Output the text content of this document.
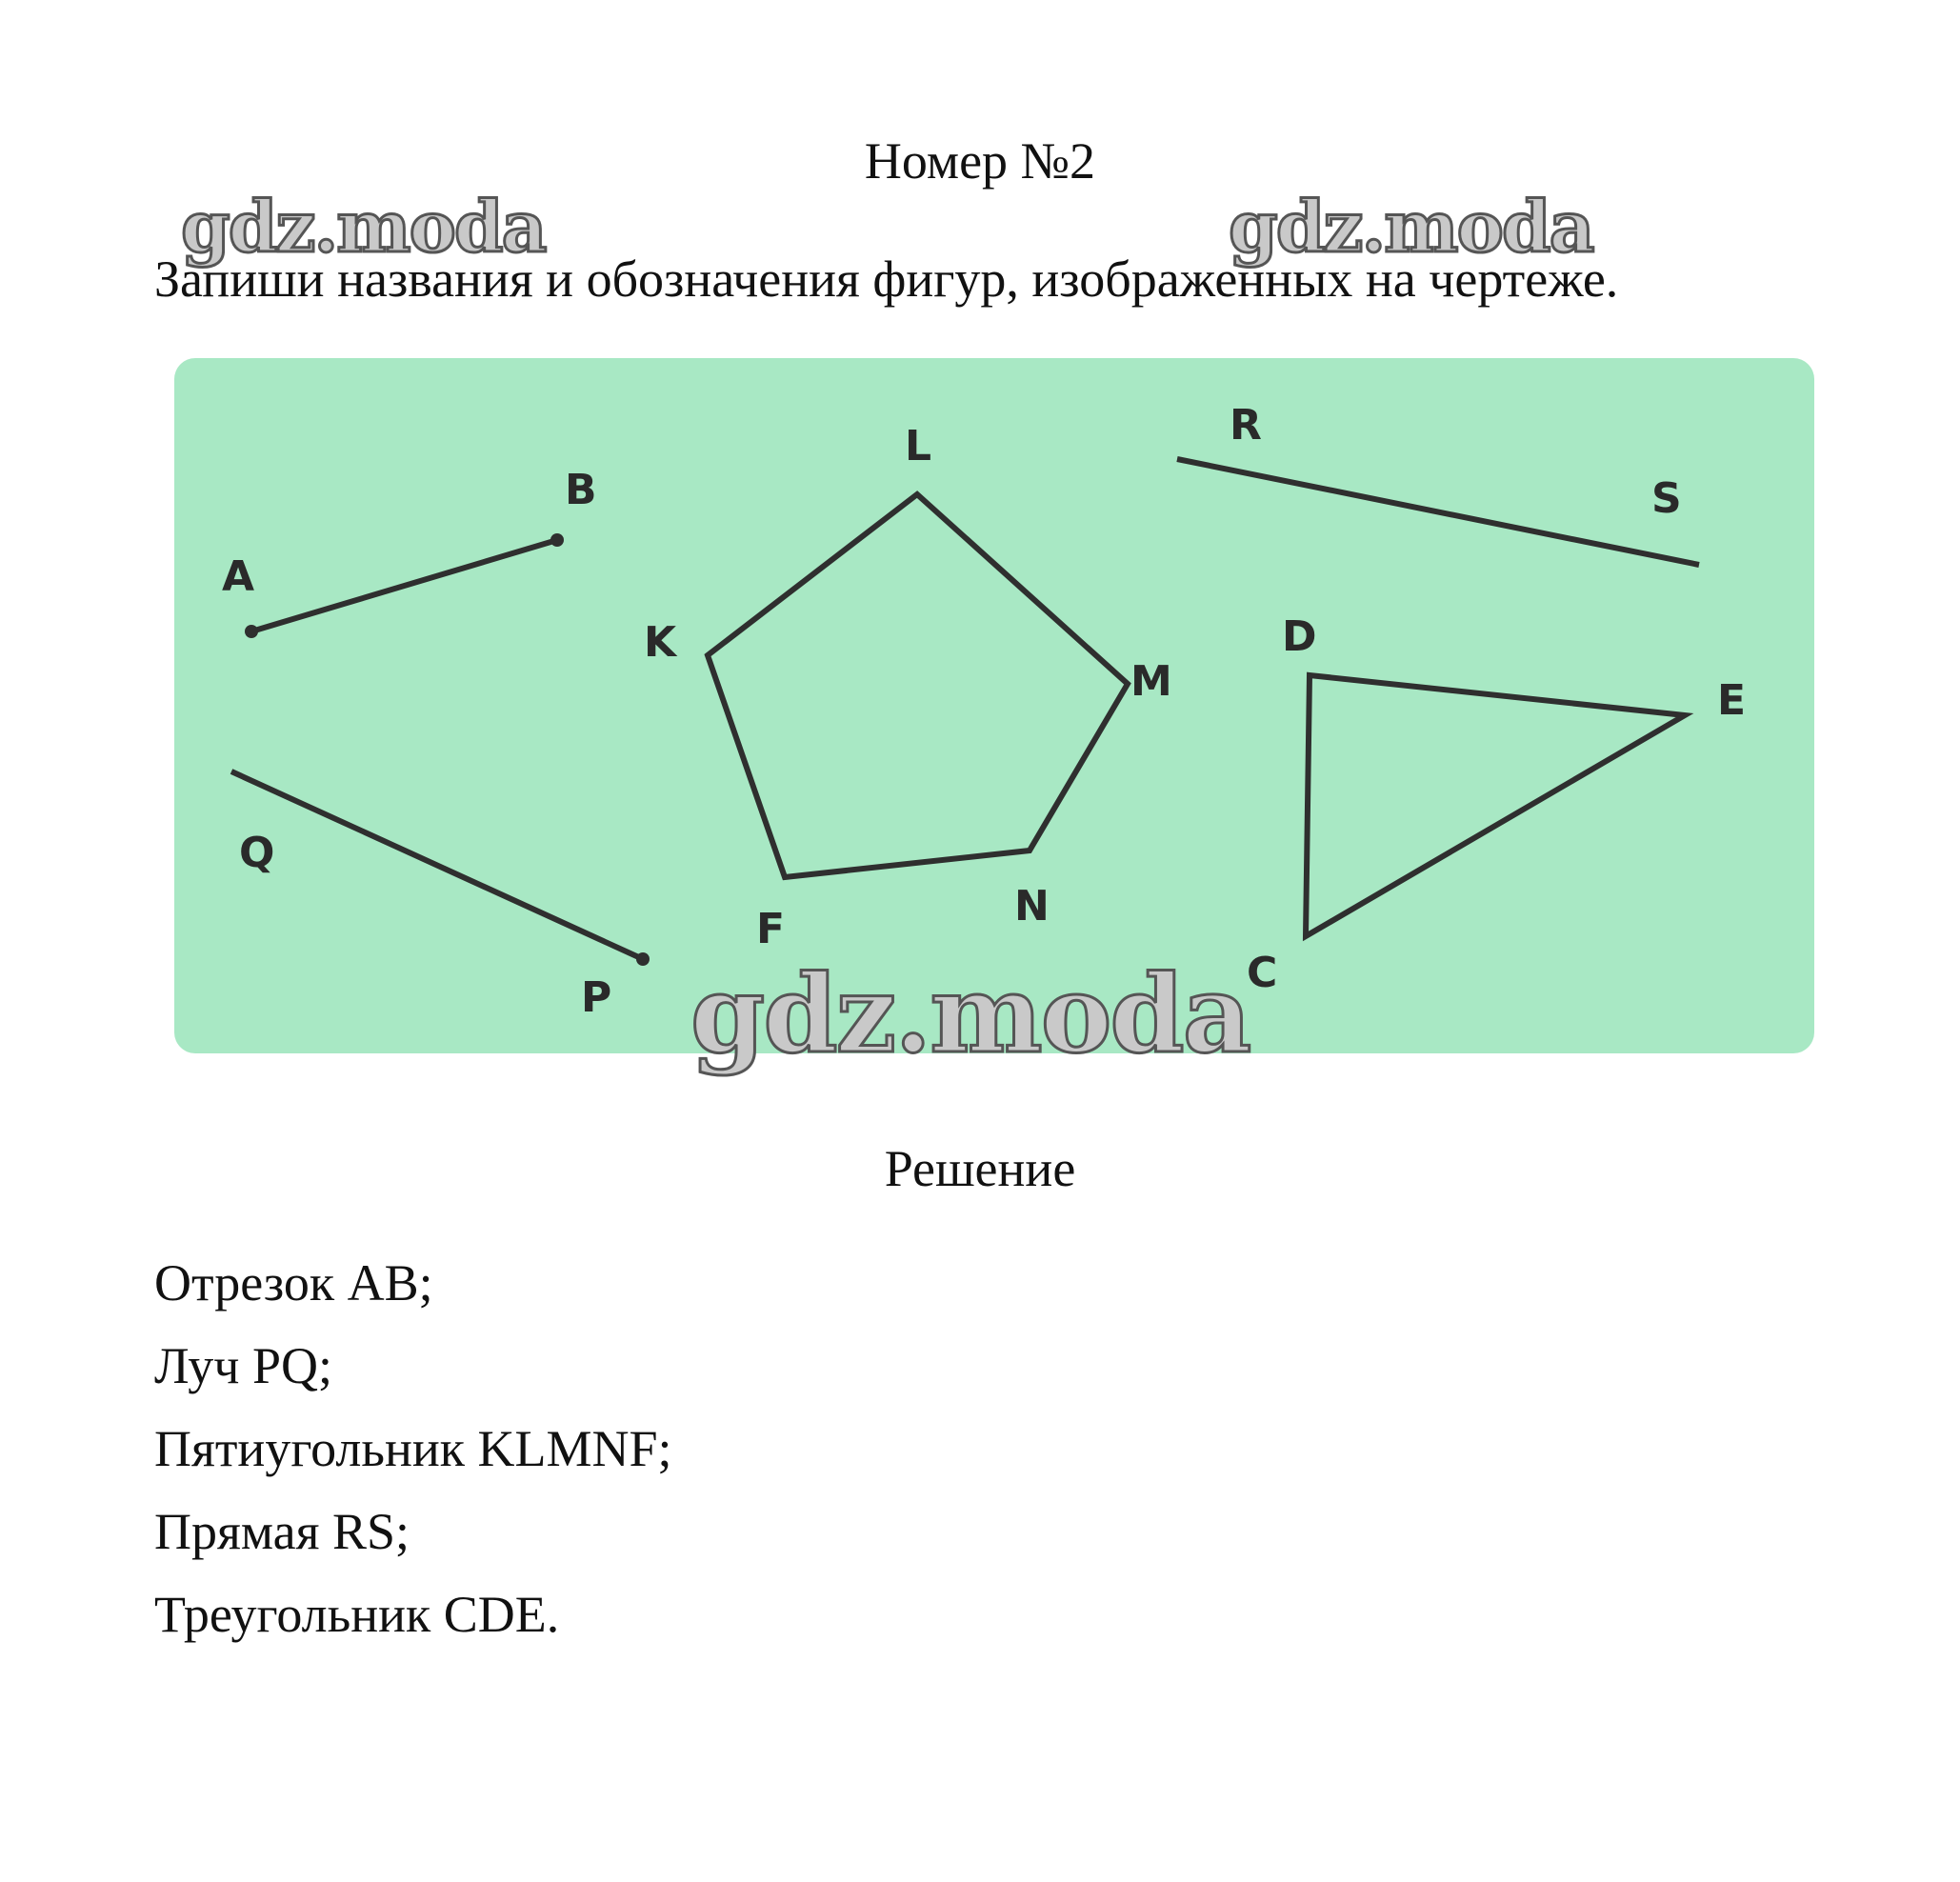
Номер №2
gdz.moda	gdz.moda
Запиши названия и обозначения фигур, изображенных на чертеже.
A
B
L	R
S
K
M
D
E
Q
N
F
P
C
gdz.moda
Решение
Отрезок AB;
Луч PQ;
Пятиугольник KLMNF;
Прямая RS;
Треугольник CDE.
